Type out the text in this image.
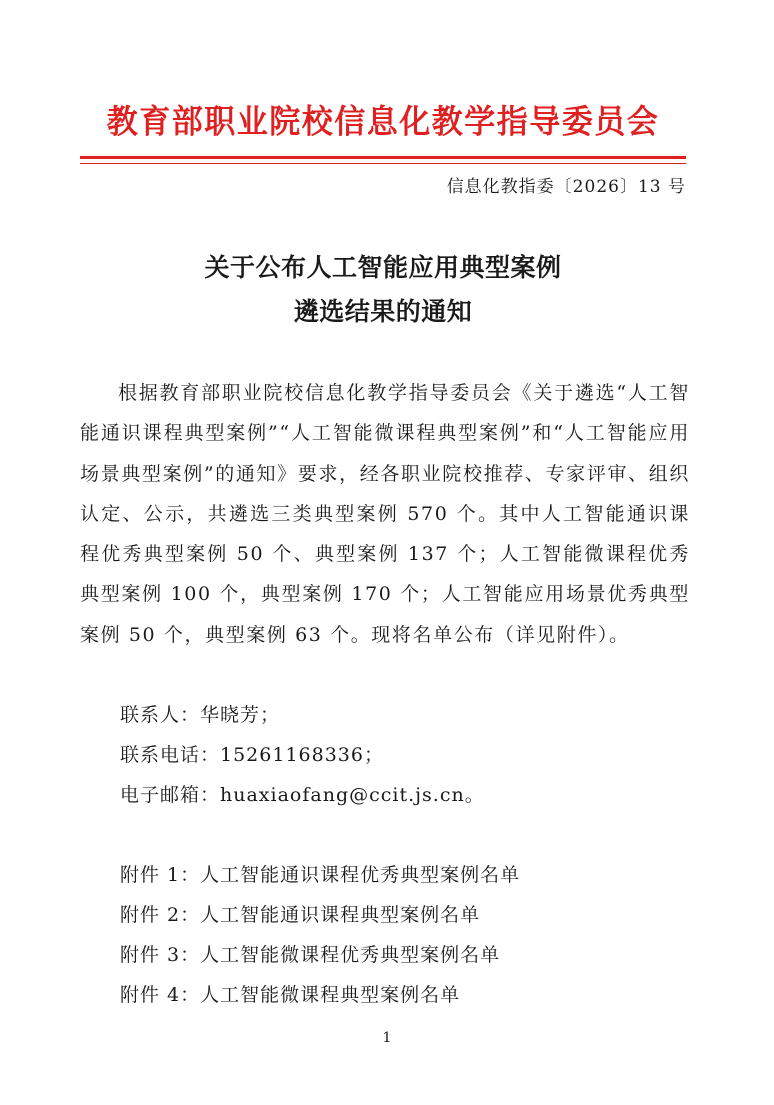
教育部职业院校信息化教学指导委员会
信息化教指委〔2026〕13 号
关于公布人工智能应用典型案例
遴选结果的通知
根据教育部职业院校信息化教学指导委员会《关于遴选“人工智能通识课程典型案例”“人工智能微课程典型案例”和“人工智能应用场景典型案例”的通知》要求，经各职业院校推荐、专家评审、组织认定、公示，共遴选三类典型案例 570 个。其中人工智能通识课程优秀典型案例 50 个、典型案例 137 个；人工智能微课程优秀典型案例 100 个，典型案例 170 个；人工智能应用场景优秀典型案例 50 个，典型案例 63 个。现将名单公布（详见附件）。
联系人：华晓芳；
联系电话：15261168336；
电子邮箱：huaxiaofang@ccit.js.cn。
附件 1：人工智能通识课程优秀典型案例名单
附件 2：人工智能通识课程典型案例名单
附件 3：人工智能微课程优秀典型案例名单
附件 4：人工智能微课程典型案例名单
1
